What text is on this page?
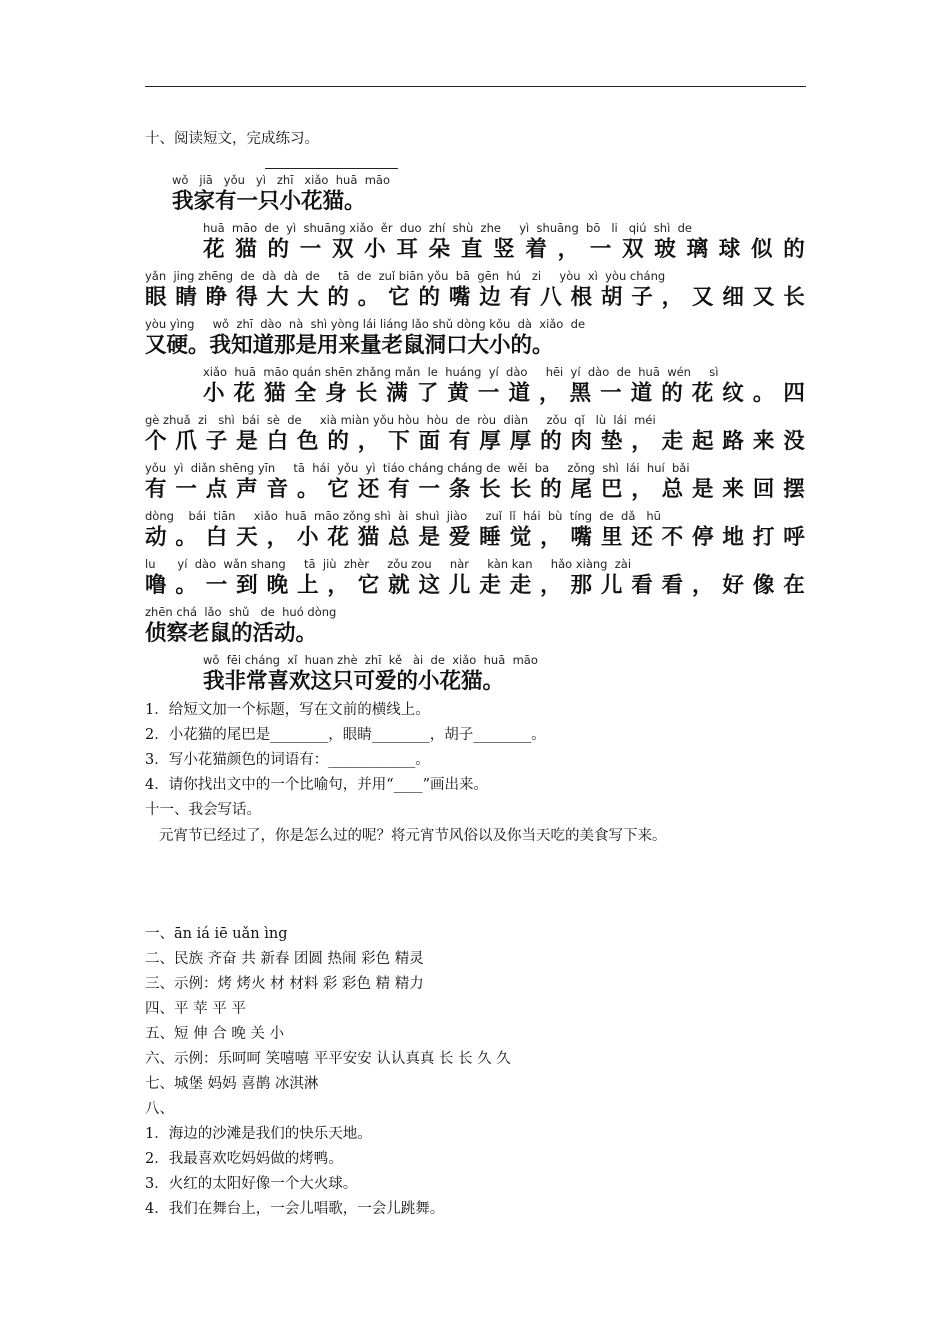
十、阅读短文，完成练习。
wǒ   jiā   yǒu   yì   zhī   xiǎo  huā  māo
我家有一只小花猫。
huā  māo  de  yì  shuāng xiǎo  ěr  duo  zhí  shù  zhe     yì  shuāng  bō   li   qiú  shì  de
花 猫 的 一 双 小 耳 朵 直 竖 着 ， 一 双 玻 璃 球 似 的
yǎn  jing zhēng  de  dà  dà  de     tā  de  zuǐ biān yǒu  bā  gēn  hú   zi     yòu  xì  yòu cháng
眼 睛 睁 得 大 大 的 。 它 的 嘴 边 有 八 根 胡 子 ， 又 细 又 长
yòu yìng     wǒ  zhī  dào  nà  shì yòng lái liáng lǎo shǔ dòng kǒu  dà  xiǎo  de
又硬。我知道那是用来量老鼠洞口大小的。
xiǎo  huā  māo quán shēn zhǎng mǎn  le  huáng  yí  dào     hēi  yí  dào  de  huā  wén     sì
小 花 猫 全 身 长 满 了 黄 一 道 ， 黑 一 道 的 花 纹 。 四
gè zhuǎ  zi   shì  bái  sè  de     xià miàn yǒu hòu  hòu  de  ròu  diàn     zǒu  qǐ   lù  lái  méi
个 爪 子 是 白 色 的 ， 下 面 有 厚 厚 的 肉 垫 ， 走 起 路 来 没
yǒu  yì  diǎn shēng yīn     tā  hái  yǒu  yì  tiáo cháng cháng de  wěi  ba     zǒng  shì  lái  huí  bǎi
有 一 点 声 音 。 它 还 有 一 条 长 长 的 尾 巴 ， 总 是 来 回 摆
dòng    bái  tiān     xiǎo  huā  māo zǒng shì  ài  shuì  jiào     zuǐ  lǐ  hái  bù  tíng  de  dǎ   hū
动 。 白 天 ， 小 花 猫 总 是 爱 睡 觉 ， 嘴 里 还 不 停 地 打 呼
lu      yí  dào  wǎn shang     tā  jiù  zhèr     zǒu zou     nàr     kàn kan     hǎo xiàng  zài
噜 。 一 到 晚 上 ， 它 就 这 儿 走 走 ， 那 儿 看 看 ， 好 像 在
zhēn chá  lǎo  shǔ   de  huó dòng
侦察老鼠的活动。
wǒ  fēi cháng  xǐ  huan zhè  zhī  kě   ài  de  xiǎo  huā  māo
我非常喜欢这只可爱的小花猫。
1．给短文加一个标题，写在文前的横线上。
2．小花猫的尾巴是________，眼睛________，胡子________。
3．写小花猫颜色的词语有：____________。
4．请你找出文中的一个比喻句，并用“____”画出来。
十一、我会写话。
元宵节已经过了，你是怎么过的呢？将元宵节风俗以及你当天吃的美食写下来。
一、ān iá iē uǎn ìng
二、民族 齐奋 共 新春 团圆 热闹 彩色 精灵
三、示例：烤 烤火 材 材料 彩 彩色 精 精力
四、平 苹 平 平
五、短 伸 合 晚 关 小
六、示例：乐呵呵 笑嘻嘻 平平安安 认认真真 长 长 久 久
七、城堡 妈妈 喜鹊 冰淇淋
八、
1．海边的沙滩是我们的快乐天地。
2．我最喜欢吃妈妈做的烤鸭。
3．火红的太阳好像一个大火球。
4．我们在舞台上，一会儿唱歌，一会儿跳舞。
